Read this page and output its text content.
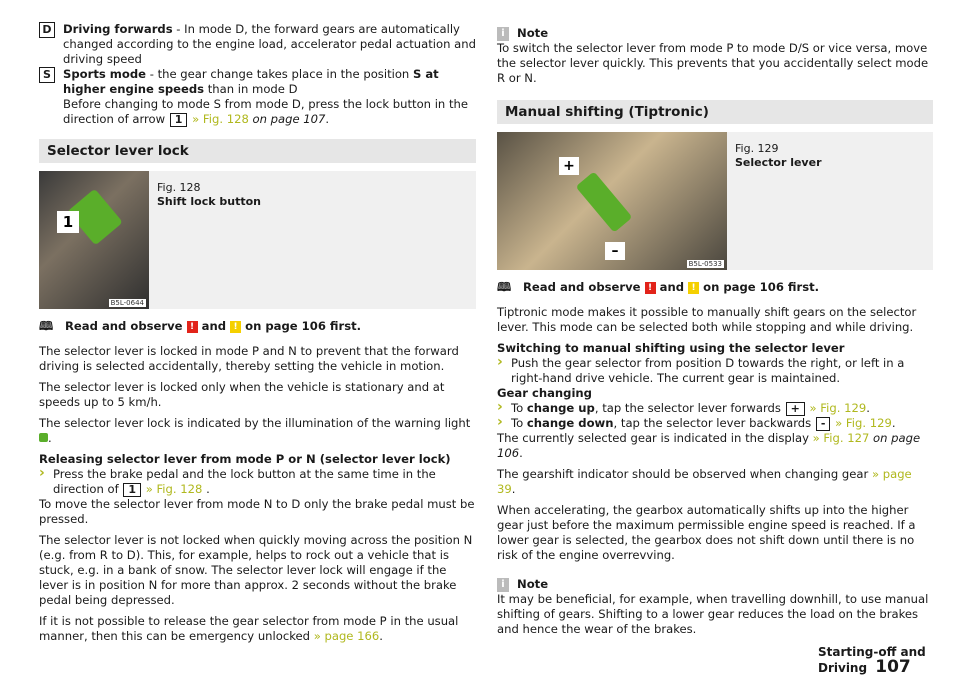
D Driving forwards - In mode D, the forward gears are automatically changed according to the engine load, accelerator pedal actuation and driving speed
S	Sports mode - the gear change takes place in the position S at higher engine speeds than in mode D
Before changing to mode S from mode D, press the lock button in the direction of arrow 1 » Fig. 128 on page 107.
Selector lever lock
1
B5L-0644
Fig. 128
Shift lock button
🕮	Read and observe
!
and
!
on page 106 first.

The selector lever is locked in mode P and N to prevent that the forward driving is selected accidentally, thereby setting the vehicle in motion.

The selector lever is locked only when the vehicle is stationary and at speeds up to 5 km/h.

The selector lever lock is indicated by the illumination of the warning light .

Releasing selector lever from mode P or N (selector lever lock)

› Press the brake pedal and the lock button at the same time in the direction of 1 » Fig. 128 .

To move the selector lever from mode N to D only the brake pedal must be pressed.

The selector lever is not locked when quickly moving across the position N (e.g. from R to D). This, for example, helps to rock out a vehicle that is stuck, e.g. in a bank of snow. The selector lever lock will engage if the lever is in position N for more than approx. 2 seconds without the brake pedal being depressed.

If it is not possible to release the gear selector from mode P in the usual manner, then this can be emergency unlocked » page 166.

i	Note

To switch the selector lever from mode P to mode D/S or vice versa, move the selector lever quickly. This prevents that you accidentally select mode R or N.

Manual shifting (Tiptronic)
+
–
B5L-0533
Fig. 129
Selector lever
🕮	Read and observe
!
and
!
on page 106 first.

Tiptronic mode makes it possible to manually shift gears on the selector lever. This mode can be selected both while stopping and while driving.

Switching to manual shifting using the selector lever

› Push the gear selector from position D towards the right, or left in a right-hand drive vehicle. The current gear is maintained.

Gear changing

› To change up, tap the selector lever forwards + » Fig. 129.

› To change down, tap the selector lever backwards - » Fig. 129.

The currently selected gear is indicated in the display » Fig. 127 on page 106.

The gearshift indicator should be observed when changing gear » page 39.

When accelerating, the gearbox automatically shifts up into the higher gear just before the maximum permissible engine speed is reached. If a lower gear is selected, the gearbox does not shift down until there is no risk of the engine overrevving.

i	Note

It may be beneficial, for example, when travelling downhill, to use manual shifting of gears. Shifting to a lower gear reduces the load on the brakes and hence the wear of the brakes.

Starting-off and Driving 107
